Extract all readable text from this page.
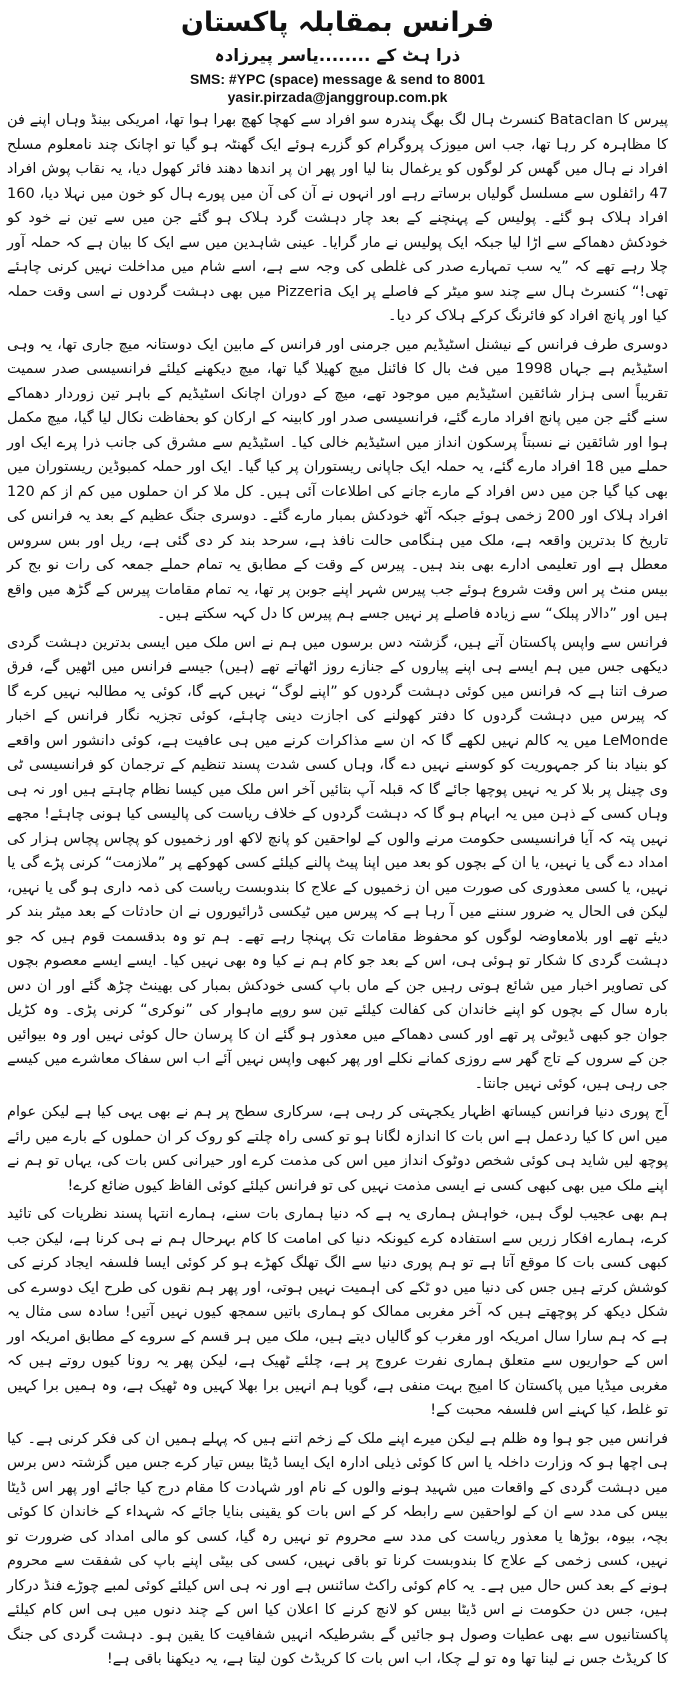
فرانس بمقابلہ پاکستان
ذرا ہٹ کے ........یاسر پیرزادہ
SMS: #YPC (space) message & send to 8001
yasir.pirzada@janggroup.com.pk

پیرس کا Bataclan کنسرٹ ہال لگ بھگ پندرہ سو افراد سے کھچا کھچ بھرا ہوا تھا، امریکی بینڈ وہاں اپنے فن کا مظاہرہ کر رہا تھا، جب اس میوزک پروگرام کو گزرے ہوئے ایک گھنٹہ ہو گیا تو اچانک چند نامعلوم مسلح افراد نے ہال میں گھس کر لوگوں کو یرغمال بنا لیا اور پھر ان پر اندھا دھند فائر کھول دیا، یہ نقاب پوش افراد 47 رائفلوں سے مسلسل گولیاں برساتے رہے اور انہوں نے آن کی آن میں پورے ہال کو خون میں نہلا دیا، 160 افراد ہلاک ہو گئے۔ پولیس کے پہنچنے کے بعد چار دہشت گرد ہلاک ہو گئے جن میں سے تین نے خود کو خودکش دھماکے سے اڑا لیا جبکہ ایک پولیس نے مار گرایا۔ عینی شاہدین میں سے ایک کا بیان ہے کہ حملہ آور چلا رہے تھے کہ ”یہ سب تمہارے صدر کی غلطی کی وجہ سے ہے، اسے شام میں مداخلت نہیں کرنی چاہئے تھی!“ کنسرٹ ہال سے چند سو میٹر کے فاصلے پر ایک Pizzeria میں بھی دہشت گردوں نے اسی وقت حملہ کیا اور پانچ افراد کو فائرنگ کرکے ہلاک کر دیا۔

دوسری طرف فرانس کے نیشنل اسٹیڈیم میں جرمنی اور فرانس کے مابین ایک دوستانہ میچ جاری تھا، یہ وہی اسٹیڈیم ہے جہاں 1998 میں فٹ بال کا فائنل میچ کھیلا گیا تھا، میچ دیکھنے کیلئے فرانسیسی صدر سمیت تقریباً اسی ہزار شائقین اسٹیڈیم میں موجود تھے، میچ کے دوران اچانک اسٹیڈیم کے باہر تین زوردار دھماکے سنے گئے جن میں پانچ افراد مارے گئے، فرانسیسی صدر اور کابینہ کے ارکان کو بحفاظت نکال لیا گیا، میچ مکمل ہوا اور شائقین نے نسبتاً پرسکون انداز میں اسٹیڈیم خالی کیا۔ اسٹیڈیم سے مشرق کی جانب ذرا پرے ایک اور حملے میں 18 افراد مارے گئے، یہ حملہ ایک جاپانی ریستوران پر کیا گیا۔ ایک اور حملہ کمبوڈین ریستوران میں بھی کیا گیا جن میں دس افراد کے مارے جانے کی اطلاعات آئی ہیں۔ کل ملا کر ان حملوں میں کم از کم 120 افراد ہلاک اور 200 زخمی ہوئے جبکہ آٹھ خودکش بمبار مارے گئے۔ دوسری جنگ عظیم کے بعد یہ فرانس کی تاریخ کا بدترین واقعہ ہے، ملک میں ہنگامی حالت نافذ ہے، سرحد بند کر دی گئی ہے، ریل اور بس سروس معطل ہے اور تعلیمی ادارے بھی بند ہیں۔ پیرس کے وقت کے مطابق یہ تمام حملے جمعہ کی رات نو بج کر بیس منٹ پر اس وقت شروع ہوئے جب پیرس شہر اپنے جوبن پر تھا، یہ تمام مقامات پیرس کے گڑھ میں واقع ہیں اور ”دالار پبلک“ سے زیادہ فاصلے پر نہیں جسے ہم پیرس کا دل کہہ سکتے ہیں۔

فرانس سے واپس پاکستان آتے ہیں، گزشتہ دس برسوں میں ہم نے اس ملک میں ایسی بدترین دہشت گردی دیکھی جس میں ہم ایسے ہی اپنے پیاروں کے جنازے روز اٹھاتے تھے (ہیں) جیسے فرانس میں اٹھیں گے، فرق صرف اتنا ہے کہ فرانس میں کوئی دہشت گردوں کو ”اپنے لوگ“ نہیں کہے گا، کوئی یہ مطالبہ نہیں کرے گا کہ پیرس میں دہشت گردوں کا دفتر کھولنے کی اجازت دینی چاہئے، کوئی تجزیہ نگار فرانس کے اخبار LeMonde میں یہ کالم نہیں لکھے گا کہ ان سے مذاکرات کرنے میں ہی عافیت ہے، کوئی دانشور اس واقعے کو بنیاد بنا کر جمہوریت کو کوسنے نہیں دے گا، وہاں کسی شدت پسند تنظیم کے ترجمان کو فرانسیسی ٹی وی چینل پر بلا کر یہ نہیں پوچھا جائے گا کہ قبلہ آپ بتائیں آخر اس ملک میں کیسا نظام چاہتے ہیں اور نہ ہی وہاں کسی کے ذہن میں یہ ابہام ہو گا کہ دہشت گردوں کے خلاف ریاست کی پالیسی کیا ہونی چاہئے! مجھے نہیں پتہ کہ آیا فرانسیسی حکومت مرنے والوں کے لواحقین کو پانچ لاکھ اور زخمیوں کو پچاس پچاس ہزار کی امداد دے گی یا نہیں، یا ان کے بچوں کو بعد میں اپنا پیٹ پالنے کیلئے کسی کھوکھے پر ”ملازمت“ کرنی پڑے گی یا نہیں، یا کسی معذوری کی صورت میں ان زخمیوں کے علاج کا بندوبست ریاست کی ذمہ داری ہو گی یا نہیں، لیکن فی الحال یہ ضرور سننے میں آ رہا ہے کہ پیرس میں ٹیکسی ڈرائیوروں نے ان حادثات کے بعد میٹر بند کر دیئے تھے اور بلامعاوضہ لوگوں کو محفوظ مقامات تک پہنچا رہے تھے۔ ہم تو وہ بدقسمت قوم ہیں کہ جو دہشت گردی کا شکار تو ہوئی ہی، اس کے بعد جو کام ہم نے کیا وہ بھی نہیں کیا۔ ایسے ایسے معصوم بچوں کی تصاویر اخبار میں شائع ہوتی رہیں جن کے ماں باپ کسی خودکش بمبار کی بھینٹ چڑھ گئے اور ان دس بارہ سال کے بچوں کو اپنے خاندان کی کفالت کیلئے تین سو روپے ماہوار کی ”نوکری“ کرنی پڑی۔ وہ کڑیل جوان جو کبھی ڈیوٹی پر تھے اور کسی دھماکے میں معذور ہو گئے ان کا پرسان حال کوئی نہیں اور وہ بیوائیں جن کے سروں کے تاج گھر سے روزی کمانے نکلے اور پھر کبھی واپس نہیں آئے اب اس سفاک معاشرے میں کیسے جی رہی ہیں، کوئی نہیں جانتا۔

آج پوری دنیا فرانس کیساتھ اظہار یکجہتی کر رہی ہے، سرکاری سطح پر ہم نے بھی یہی کیا ہے لیکن عوام میں اس کا کیا ردعمل ہے اس بات کا اندازہ لگانا ہو تو کسی راہ چلتے کو روک کر ان حملوں کے بارے میں رائے پوچھ لیں شاید ہی کوئی شخص دوٹوک انداز میں اس کی مذمت کرے اور حیرانی کس بات کی، یہاں تو ہم نے اپنے ملک میں بھی کبھی کسی نے ایسی مذمت نہیں کی تو فرانس کیلئے کوئی الفاظ کیوں ضائع کرے!

ہم بھی عجیب لوگ ہیں، خواہش ہماری یہ ہے کہ دنیا ہماری بات سنے، ہمارے انتہا پسند نظریات کی تائید کرے، ہمارے افکار زریں سے استفادہ کرے کیونکہ دنیا کی امامت کا کام بہرحال ہم نے ہی کرنا ہے، لیکن جب کبھی کسی بات کا موقع آتا ہے تو ہم پوری دنیا سے الگ تھلگ کھڑے ہو کر کوئی ایسا فلسفہ ایجاد کرنے کی کوشش کرتے ہیں جس کی دنیا میں دو ٹکے کی اہمیت نہیں ہوتی، اور پھر ہم نقوں کی طرح ایک دوسرے کی شکل دیکھ کر پوچھتے ہیں کہ آخر مغربی ممالک کو ہماری باتیں سمجھ کیوں نہیں آتیں! سادہ سی مثال یہ ہے کہ ہم سارا سال امریکہ اور مغرب کو گالیاں دیتے ہیں، ملک میں ہر قسم کے سروے کے مطابق امریکہ اور اس کے حواریوں سے متعلق ہماری نفرت عروج پر ہے، چلئے ٹھیک ہے، لیکن پھر یہ رونا کیوں روتے ہیں کہ مغربی میڈیا میں پاکستان کا امیج بہت منفی ہے، گویا ہم انہیں برا بھلا کہیں وہ ٹھیک ہے، وہ ہمیں برا کہیں تو غلط، کیا کہنے اس فلسفہ محبت کے!

فرانس میں جو ہوا وہ ظلم ہے لیکن میرے اپنے ملک کے زخم اتنے ہیں کہ پہلے ہمیں ان کی فکر کرنی ہے۔ کیا ہی اچھا ہو کہ وزارت داخلہ یا اس کا کوئی ذیلی ادارہ ایک ایسا ڈیٹا بیس تیار کرے جس میں گزشتہ دس برس میں دہشت گردی کے واقعات میں شہید ہونے والوں کے نام اور شہادت کا مقام درج کیا جائے اور پھر اس ڈیٹا بیس کی مدد سے ان کے لواحقین سے رابطہ کر کے اس بات کو یقینی بنایا جائے کہ شہداء کے خاندان کا کوئی بچہ، بیوہ، بوڑھا یا معذور ریاست کی مدد سے محروم تو نہیں رہ گیا، کسی کو مالی امداد کی ضرورت تو نہیں، کسی زخمی کے علاج کا بندوبست کرنا تو باقی نہیں، کسی کی بیٹی اپنے باپ کی شفقت سے محروم ہونے کے بعد کس حال میں ہے۔ یہ کام کوئی راکٹ سائنس ہے اور نہ ہی اس کیلئے کوئی لمبے چوڑے فنڈ درکار ہیں، جس دن حکومت نے اس ڈیٹا بیس کو لانچ کرنے کا اعلان کیا اس کے چند دنوں میں ہی اس کام کیلئے پاکستانیوں سے بھی عطیات وصول ہو جائیں گے بشرطیکہ انہیں شفافیت کا یقین ہو۔ دہشت گردی کی جنگ کا کریڈٹ جس نے لینا تھا وہ تو لے چکا، اب اس بات کا کریڈٹ کون لیتا ہے، یہ دیکھنا باقی ہے!
